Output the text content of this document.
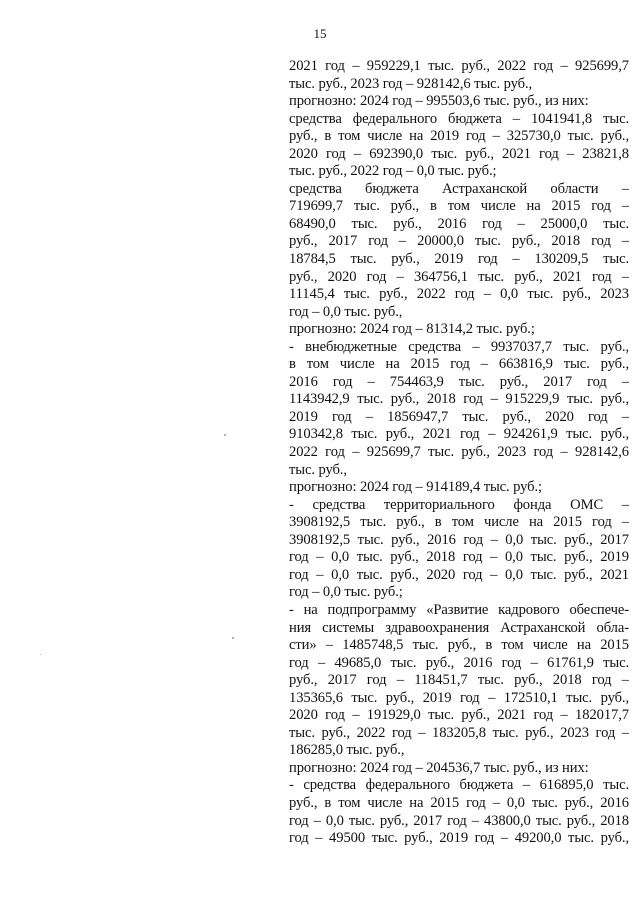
15
2021 год – 959229,1 тыс. руб., 2022 год – 925699,7
тыс. руб., 2023 год – 928142,6 тыс. руб.,
прогнозно: 2024 год – 995503,6 тыс. руб., из них:
средства федерального бюджета – 1041941,8 тыс.
руб., в том числе на 2019 год – 325730,0 тыс. руб.,
2020 год – 692390,0 тыс. руб., 2021 год – 23821,8
тыс. руб., 2022 год – 0,0 тыс. руб.;
средства бюджета Астраханской области –
719699,7 тыс. руб., в том числе на 2015 год –
68490,0 тыс. руб., 2016 год – 25000,0 тыс.
руб., 2017 год – 20000,0 тыс. руб., 2018 год –
18784,5 тыс. руб., 2019 год – 130209,5 тыс.
руб., 2020 год – 364756,1 тыс. руб., 2021 год –
11145,4 тыс. руб., 2022 год – 0,0 тыс. руб., 2023
год – 0,0 тыс. руб.,
прогнозно: 2024 год – 81314,2 тыс. руб.;
- внебюджетные средства – 9937037,7 тыс. руб.,
в том числе на 2015 год – 663816,9 тыс. руб.,
2016 год – 754463,9 тыс. руб., 2017 год –
1143942,9 тыс. руб., 2018 год – 915229,9 тыс. руб.,
2019 год – 1856947,7 тыс. руб., 2020 год –
910342,8 тыс. руб., 2021 год – 924261,9 тыс. руб.,
2022 год – 925699,7 тыс. руб., 2023 год – 928142,6
тыс. руб.,
прогнозно: 2024 год – 914189,4 тыс. руб.;
- средства территориального фонда ОМС –
3908192,5 тыс. руб., в том числе на 2015 год –
3908192,5 тыс. руб., 2016 год – 0,0 тыс. руб., 2017
год – 0,0 тыс. руб., 2018 год – 0,0 тыс. руб., 2019
год – 0,0 тыс. руб., 2020 год – 0,0 тыс. руб., 2021
год – 0,0 тыс. руб.;
- на подпрограмму «Развитие кадрового обеспече-
ния системы здравоохранения Астраханской обла-
сти» – 1485748,5 тыс. руб., в том числе на 2015
год – 49685,0 тыс. руб., 2016 год – 61761,9 тыс.
руб., 2017 год – 118451,7 тыс. руб., 2018 год –
135365,6 тыс. руб., 2019 год – 172510,1 тыс. руб.,
2020 год – 191929,0 тыс. руб., 2021 год – 182017,7
тыс. руб., 2022 год – 183205,8 тыс. руб., 2023 год –
186285,0 тыс. руб.,
прогнозно: 2024 год – 204536,7 тыс. руб., из них:
- средства федерального бюджета – 616895,0 тыс.
руб., в том числе на 2015 год – 0,0 тыс. руб., 2016
год – 0,0 тыс. руб., 2017 год – 43800,0 тыс. руб., 2018
год – 49500 тыс. руб., 2019 год – 49200,0 тыс. руб.,
